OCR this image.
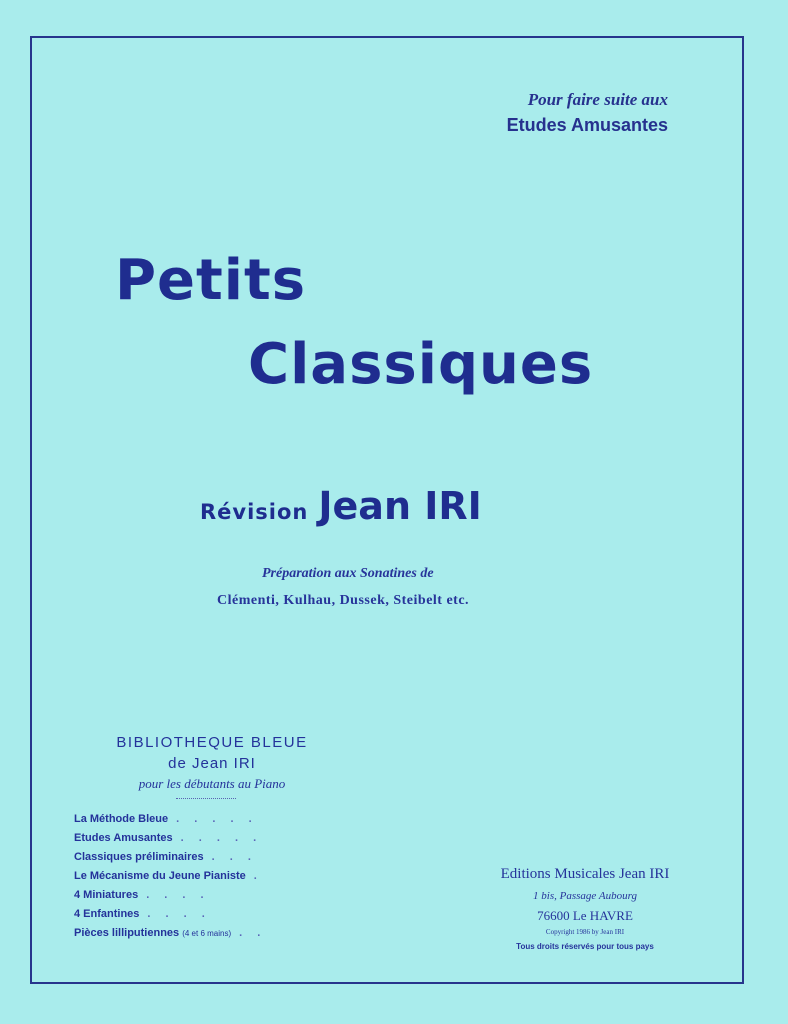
Pour faire suite aux
Etudes Amusantes
Petits
Classiques
Révision Jean IRI
Préparation aux Sonatines de
Clémenti, Kulhau, Dussek, Steibelt etc.
BIBLIOTHEQUE BLEUE
de Jean IRI
pour les débutants au Piano
La Méthode Bleue . . . . .
Etudes Amusantes . . . . .
Classiques préliminaires . . .
Le Mécanisme du Jeune Pianiste .
4 Miniatures . . . .
4 Enfantines . . . .
Pièces lilliputiennes (4 et 6 mains) . .
Editions Musicales Jean IRI
1 bis, Passage Aubourg
76600 Le HAVRE
Copyright 1986 by Jean IRI
Tous droits réservés pour tous pays
